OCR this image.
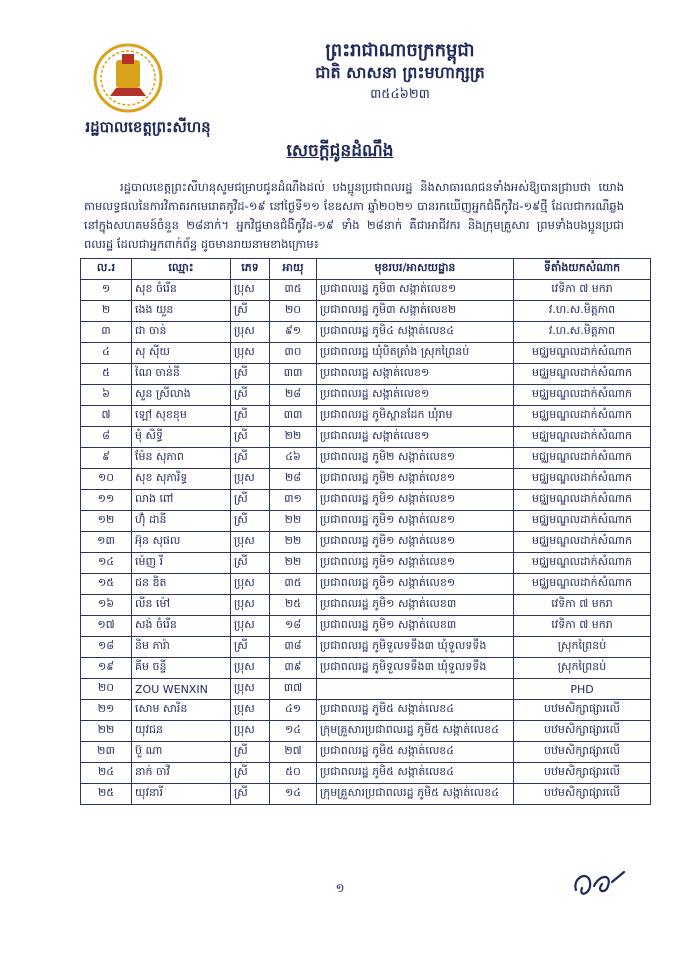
ព្រះរាជាណាចក្រកម្ពុជា
ជាតិ សាសនា ព្រះមហាក្សត្រ
៣៥៤៦២៣
រដ្ឋបាលខេត្តព្រះសីហនុ
សេចក្តីជូនដំណឹង

រដ្ឋបាលខេត្តព្រះសីហនុសូមជម្រាបជូនដំណឹងដល់ បងប្អូនប្រជាពលរដ្ឋ និងសាធារណជនទាំងអស់ឱ្យបានជ្រាបថា យោងតាមលទ្ធផលនៃការវិភាគរកមេរោគកូវីដ-១៩ នៅថ្ងៃទី១១ ខែឧសភា ឆ្នាំ២០២១ បានរកឃើញអ្នកជំងឺកូវីដ-១៩ថ្មី ដែលជាករណីឆ្លងនៅក្នុងសហគមន៍ចំនួន ២៨នាក់។ អ្នកវិជ្ជមានជំងឺកូវីដ-១៩ ទាំង ២៨នាក់ គឺជាអាជីវករ និងក្រុមគ្រួសារ ព្រមទាំងបងប្អូនប្រជាពលរដ្ឋ ដែលជាអ្នកពាក់ព័ន្ធ ដូចមានរាយនាមខាងក្រោម៖

ល.រ	ឈ្មោះ	ភេទ	អាយុ	មុខរបរ/អាសយដ្ឋាន	ទីតាំងយកសំណាក
១	សុខ ចំរើន	ប្រុស	៣៥	ប្រជាពលរដ្ឋ ភូមិ៣ សង្កាត់លេខ១	វេទិកា ៧ មករា
២	ងេង យួន	ស្រី	២០	ប្រជាពលរដ្ឋ ភូមិ៣ សង្កាត់លេខ២	វ.ហ.ស.មិត្តភាព
៣	ជា ចាន់	ប្រុស	៩១	ប្រជាពលរដ្ឋ ភូមិ៤ សង្កាត់លេខ៤	វ.ហ.ស.មិត្តភាព
៤	សុ សុីយ	ប្រុស	៣០	ប្រជាពលរដ្ឋ ឃុំបិតត្រាំង ស្រុកព្រៃនប់	មជ្ឈមណ្ឌលដាក់សំណាក
៥	ណៃ ចាន់នី	ស្រី	៣៣	ប្រជាពលរដ្ឋ សង្កាត់លេខ១	មជ្ឈមណ្ឌលដាក់សំណាក
៦	សួន ស្រីលាង	ស្រី	២៨	ប្រជាពលរដ្ឋ សង្កាត់លេខ១	មជ្ឈមណ្ឌលដាក់សំណាក
៧	ឡៅ សុខខុម	ស្រី	៣៣	ប្រជាពលរដ្ឋ ភូមិស្ពានដែក ឃុំរាម	មជ្ឈមណ្ឌលដាក់សំណាក
៨	មុំ សិទ្ធី	ស្រី	២២	ប្រជាពលរដ្ឋ សង្កាត់លេខ១	មជ្ឈមណ្ឌលដាក់សំណាក
៩	ម៉ែន សុភាព	ស្រី	៤៦	ប្រជាពលរដ្ឋ ភូមិ២ សង្កាត់លេខ១	មជ្ឈមណ្ឌលដាក់សំណាក
១០	សុខ សុភារិទ្ធ	ប្រុស	២៨	ប្រជាពលរដ្ឋ ភូមិ២ សង្កាត់លេខ១	មជ្ឈមណ្ឌលដាក់សំណាក
១១	លាង ពៅ	ស្រី	៣១	ប្រជាពលរដ្ឋ ភូមិ១ សង្កាត់លេខ១	មជ្ឈមណ្ឌលដាក់សំណាក
១២	ហ៊ុំ ដានី	ស្រី	២២	ប្រជាពលរដ្ឋ ភូមិ១ សង្កាត់លេខ១	មជ្ឈមណ្ឌលដាក់សំណាក
១៣	អ៊ុន សុផល	ប្រុស	២២	ប្រជាពលរដ្ឋ ភូមិ១ សង្កាត់លេខ១	មជ្ឈមណ្ឌលដាក់សំណាក
១៤	ម៉េញ រី	ស្រី	២២	ប្រជាពលរដ្ឋ ភូមិ១ សង្កាត់លេខ១	មជ្ឈមណ្ឌលដាក់សំណាក
១៥	ជន ឌិត	ប្រុស	៣៥	ប្រជាពលរដ្ឋ ភូមិ១ សង្កាត់លេខ១	មជ្ឈមណ្ឌលដាក់សំណាក
១៦	លីន ម៉ៅ	ប្រុស	២៥	ប្រជាពលរដ្ឋ ភូមិ១ សង្កាត់លេខ៣	វេទិកា ៧ មករា
១៧	សង់ ចំរើន	ប្រុស	១៨	ប្រជាពលរដ្ឋ ភូមិ១ សង្កាត់លេខ៣	វេទិកា ៧ មករា
១៨	និម ភារ៉ា	ស្រី	៣៨	ប្រជាពលរដ្ឋ ភូមិទួលទទឹង៣ ឃុំទួលទទឹង	ស្រុកព្រៃនប់
១៩	គីម ចន្ទី	ប្រុស	៣៩	ប្រជាពលរដ្ឋ ភូមិទួលទទឹង៣ ឃុំទួលទទឹង	ស្រុកព្រៃនប់
២០	ZOU WENXIN	ប្រុស	៣៧		PHD
២១	សោម សារិន	ប្រុស	៤១	ប្រជាពលរដ្ឋ ភូមិ៥ សង្កាត់លេខ៤	បឋមសិក្សាផ្សារលើ
២២	យុវជន	ប្រុស	១៤	ក្រុមគ្រួសារប្រជាពលរដ្ឋ ភូមិ៥ សង្កាត់លេខ៤	បឋមសិក្សាផ្សារលើ
២៣	ប៊ួ ណា	ស្រី	២៧	ប្រជាពលរដ្ឋ ភូមិ៥ សង្កាត់លេខ៤	បឋមសិក្សាផ្សារលើ
២៤	នាក់ ចាវី	ស្រី	៥០	ប្រជាពលរដ្ឋ ភូមិ៥ សង្កាត់លេខ៤	បឋមសិក្សាផ្សារលើ
២៥	យុវនារី	ស្រី	១៤	ក្រុមគ្រួសារប្រជាពលរដ្ឋ ភូមិ៥ សង្កាត់លេខ៤	បឋមសិក្សាផ្សារលើ
១
